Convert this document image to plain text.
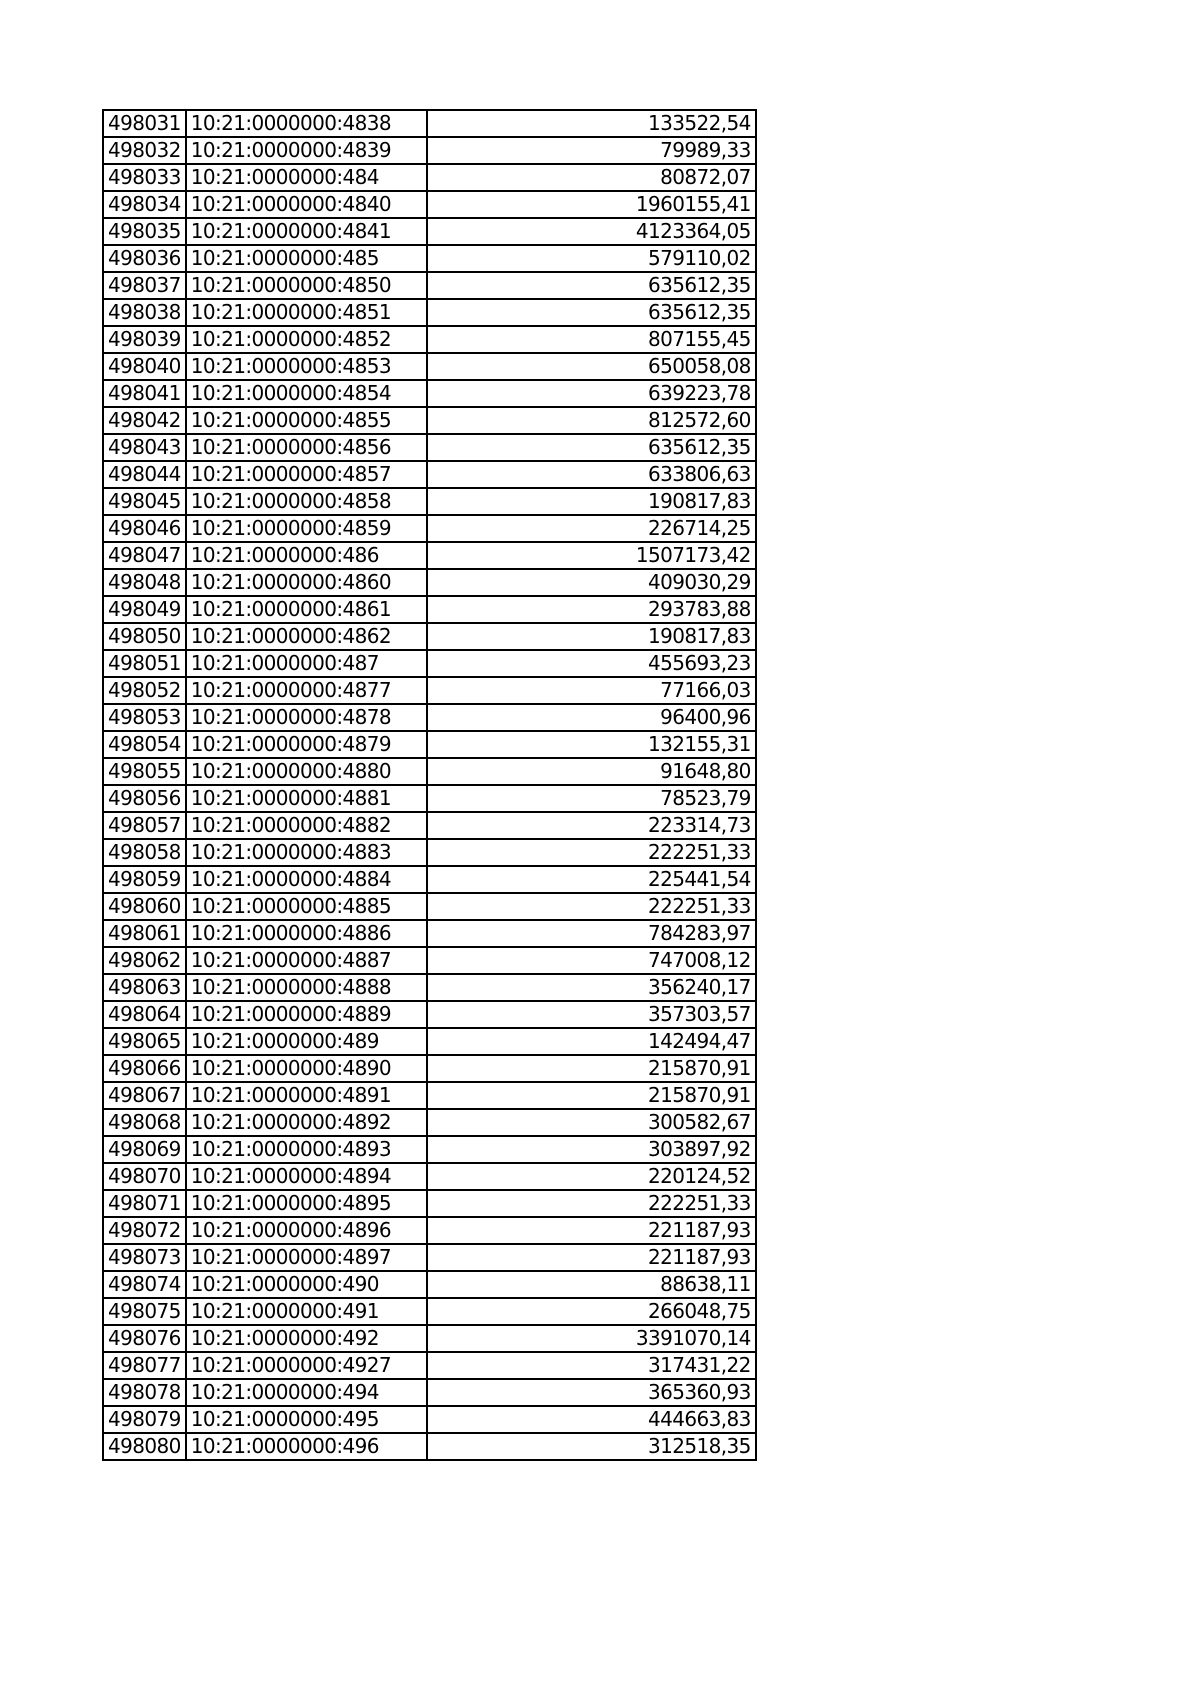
498031	10:21:0000000:4838	133522,54
498032	10:21:0000000:4839	79989,33
498033	10:21:0000000:484	80872,07
498034	10:21:0000000:4840	1960155,41
498035	10:21:0000000:4841	4123364,05
498036	10:21:0000000:485	579110,02
498037	10:21:0000000:4850	635612,35
498038	10:21:0000000:4851	635612,35
498039	10:21:0000000:4852	807155,45
498040	10:21:0000000:4853	650058,08
498041	10:21:0000000:4854	639223,78
498042	10:21:0000000:4855	812572,60
498043	10:21:0000000:4856	635612,35
498044	10:21:0000000:4857	633806,63
498045	10:21:0000000:4858	190817,83
498046	10:21:0000000:4859	226714,25
498047	10:21:0000000:486	1507173,42
498048	10:21:0000000:4860	409030,29
498049	10:21:0000000:4861	293783,88
498050	10:21:0000000:4862	190817,83
498051	10:21:0000000:487	455693,23
498052	10:21:0000000:4877	77166,03
498053	10:21:0000000:4878	96400,96
498054	10:21:0000000:4879	132155,31
498055	10:21:0000000:4880	91648,80
498056	10:21:0000000:4881	78523,79
498057	10:21:0000000:4882	223314,73
498058	10:21:0000000:4883	222251,33
498059	10:21:0000000:4884	225441,54
498060	10:21:0000000:4885	222251,33
498061	10:21:0000000:4886	784283,97
498062	10:21:0000000:4887	747008,12
498063	10:21:0000000:4888	356240,17
498064	10:21:0000000:4889	357303,57
498065	10:21:0000000:489	142494,47
498066	10:21:0000000:4890	215870,91
498067	10:21:0000000:4891	215870,91
498068	10:21:0000000:4892	300582,67
498069	10:21:0000000:4893	303897,92
498070	10:21:0000000:4894	220124,52
498071	10:21:0000000:4895	222251,33
498072	10:21:0000000:4896	221187,93
498073	10:21:0000000:4897	221187,93
498074	10:21:0000000:490	88638,11
498075	10:21:0000000:491	266048,75
498076	10:21:0000000:492	3391070,14
498077	10:21:0000000:4927	317431,22
498078	10:21:0000000:494	365360,93
498079	10:21:0000000:495	444663,83
498080	10:21:0000000:496	312518,35
